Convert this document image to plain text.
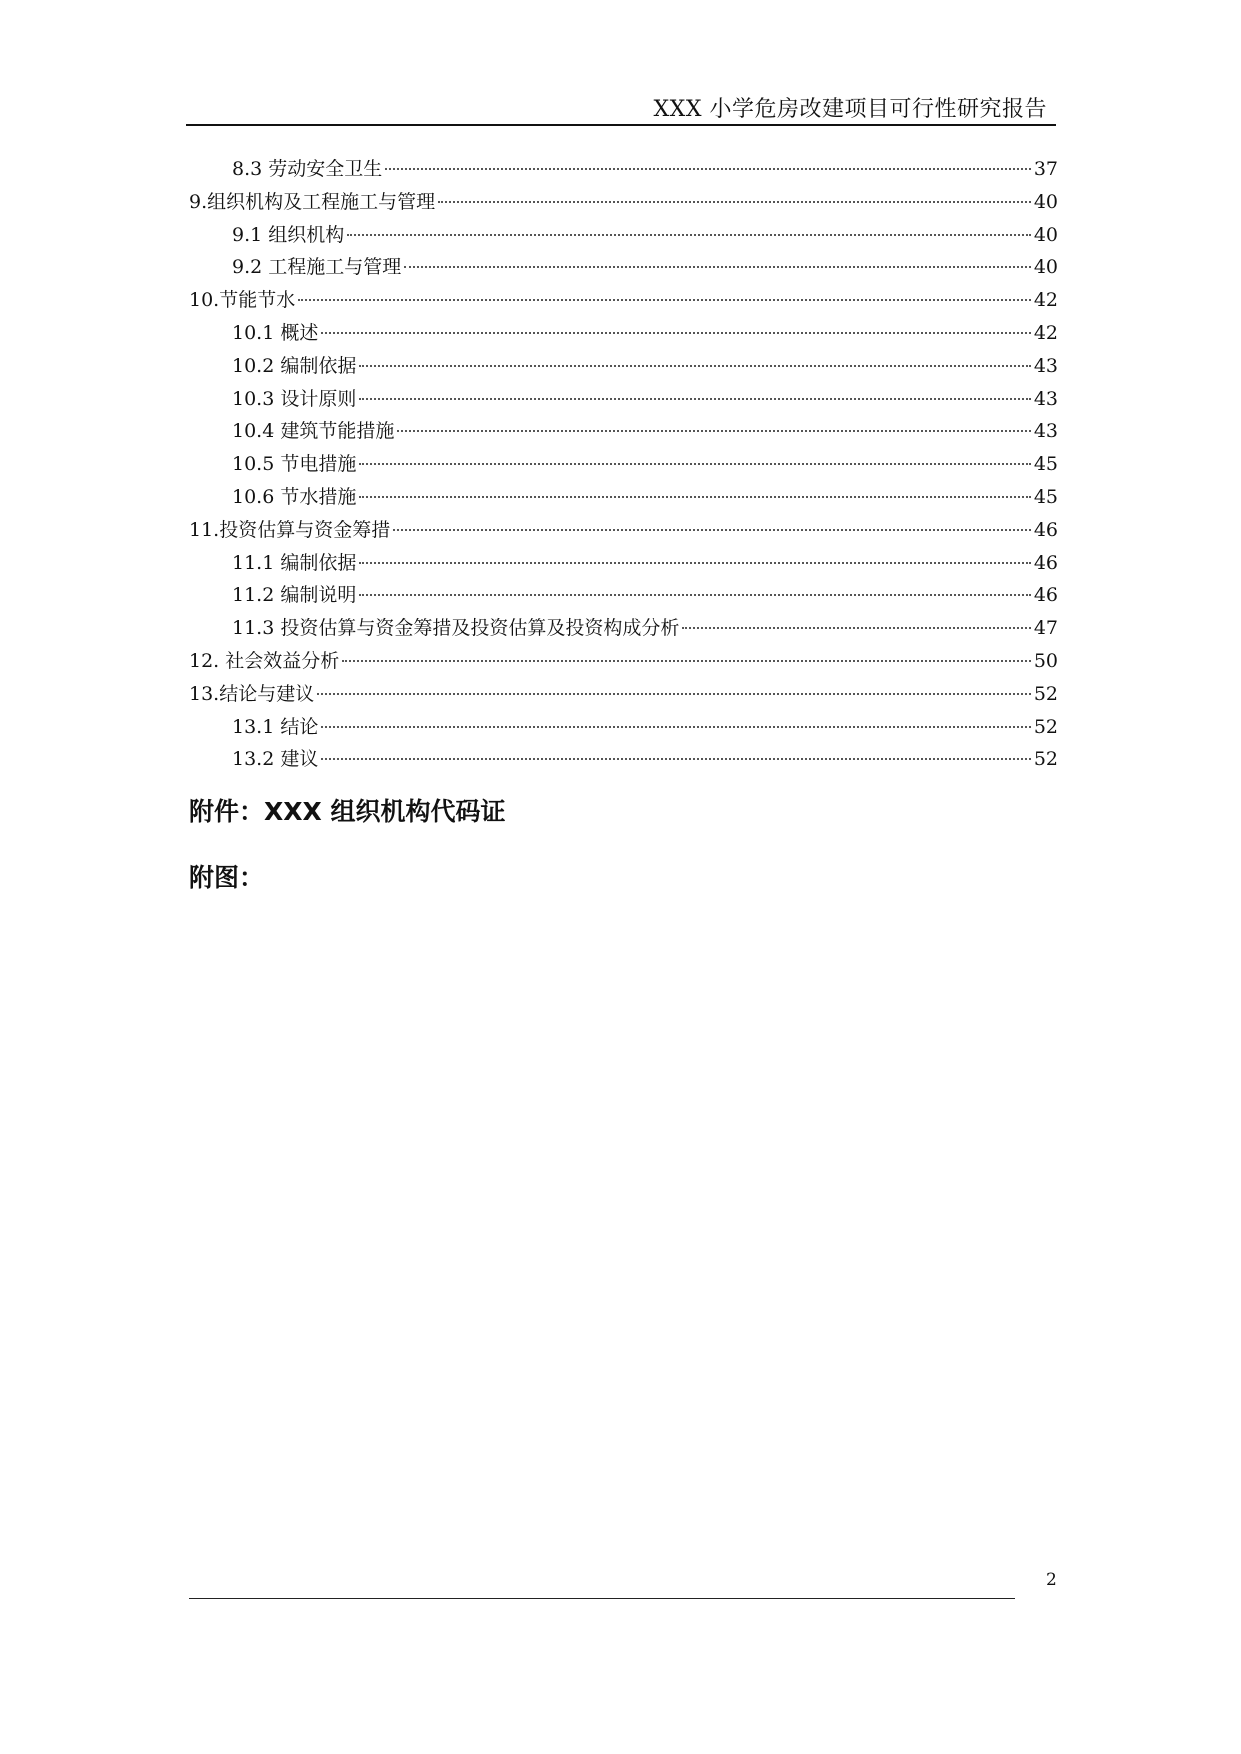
XXX 小学危房改建项目可行性研究报告
8.3 劳动安全卫生	37
9.组织机构及工程施工与管理	40
9.1 组织机构	40
9.2 工程施工与管理	40
10.节能节水	42
10.1 概述	42
10.2 编制依据	43
10.3 设计原则	43
10.4 建筑节能措施	43
10.5 节电措施	45
10.6 节水措施	45
11.投资估算与资金筹措	46
11.1 编制依据	46
11.2 编制说明	46
11.3 投资估算与资金筹措及投资估算及投资构成分析	47
12. 社会效益分析	50
13.结论与建议	52
13.1 结论	52
13.2 建议	52
附件：XXX 组织机构代码证
附图：
2
